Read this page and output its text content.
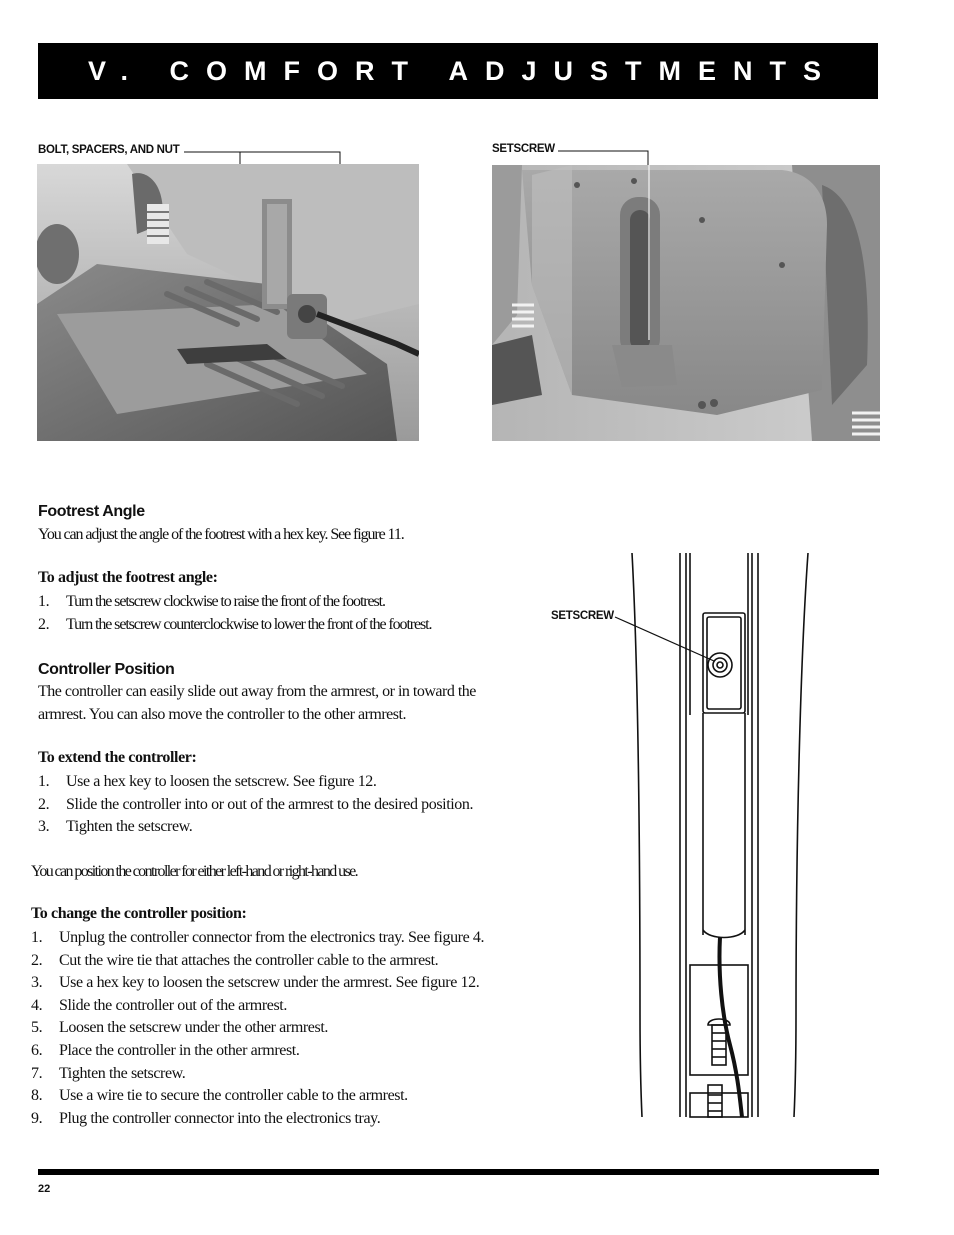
V. COMFORT ADJUSTMENTS
BOLT, SPACERS, AND NUT	SETSCREW
Footrest Angle
You can adjust the angle of the footrest with a hex key. See figure 11.
To adjust the footrest angle:
1. Turn the setscrew clockwise to raise the front of the footrest.
2. Turn the setscrew counterclockwise to lower the front of the footrest.
Controller Position
The controller can easily slide out away from the armrest, or in toward the
armrest. You can also move the controller to the other armrest.
To extend the controller:
1. Use a hex key to loosen the setscrew. See figure 12.
2. Slide the controller into or out of the armrest to the desired position.
3. Tighten the setscrew.
You can position the controller for either left-hand or right-hand use.
To change the controller position:
1. Unplug the controller connector from the electronics tray. See figure 4.
2. Cut the wire tie that attaches the controller cable to the armrest.
3. Use a hex key to loosen the setscrew under the armrest. See figure 12.
4. Slide the controller out of the armrest.
5. Loosen the setscrew under the other armrest.
6. Place the controller in the other armrest.
7. Tighten the setscrew.
8. Use a wire tie to secure the controller cable to the armrest.
9. Plug the controller connector into the electronics tray.
SETSCREW
22
